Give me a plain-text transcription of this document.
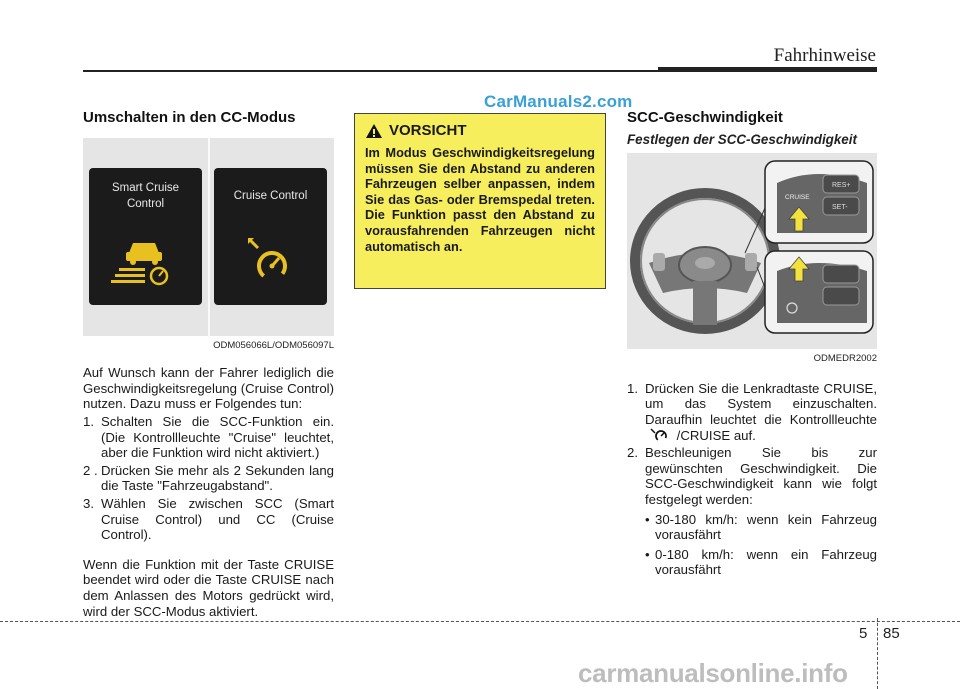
Fahrhinweise
CarManuals2.com
Umschalten in den CC-Modus
Smart Cruise
Control
Cruise Control
ODM056066L/ODM056097L

Auf Wunsch kann der Fahrer lediglich die Geschwindigkeitsregelung (Cruise Control) nutzen. Dazu muss er Folgendes tun:

1. Schalten Sie die SCC-Funktion ein. (Die Kontrollleuchte "Cruise" leuchtet, aber die Funktion wird nicht aktiviert.)
2 . Drücken Sie mehr als 2 Sekunden lang die Taste "Fahrzeugabstand".
3. Wählen Sie zwischen SCC (Smart Cruise Control) und CC (Cruise Control).

Wenn die Funktion mit der Taste CRUISE beendet wird oder die Taste CRUISE nach dem Anlassen des Motors gedrückt wird, wird der SCC-Modus aktiviert.

VORSICHT

Im Modus Geschwindigkeitsregelung müssen Sie den Abstand zu anderen Fahrzeugen selber anpassen, indem Sie das Gas- oder Bremspedal treten. Die Funktion passt den Abstand zu vorausfahrenden Fahrzeugen nicht automatisch an.

SCC-Geschwindigkeit
Festlegen der SCC-Geschwindigkeit
RES+
SET-
CRUISE
ODMEDR2002
1. Drücken Sie die Lenkradtaste CRUISE, um das System einzuschalten. Daraufhin leuchtet die Kontrollleuchte  /CRUISE auf.
2. Beschleunigen Sie bis zur gewünschten Geschwindigkeit. Die SCC-Geschwindigkeit kann wie folgt festgelegt werden:
• 30-180 km/h: wenn kein Fahrzeug vorausfährt
• 0-180 km/h: wenn ein Fahrzeug vorausfährt
5 85
carmanualsonline.info
